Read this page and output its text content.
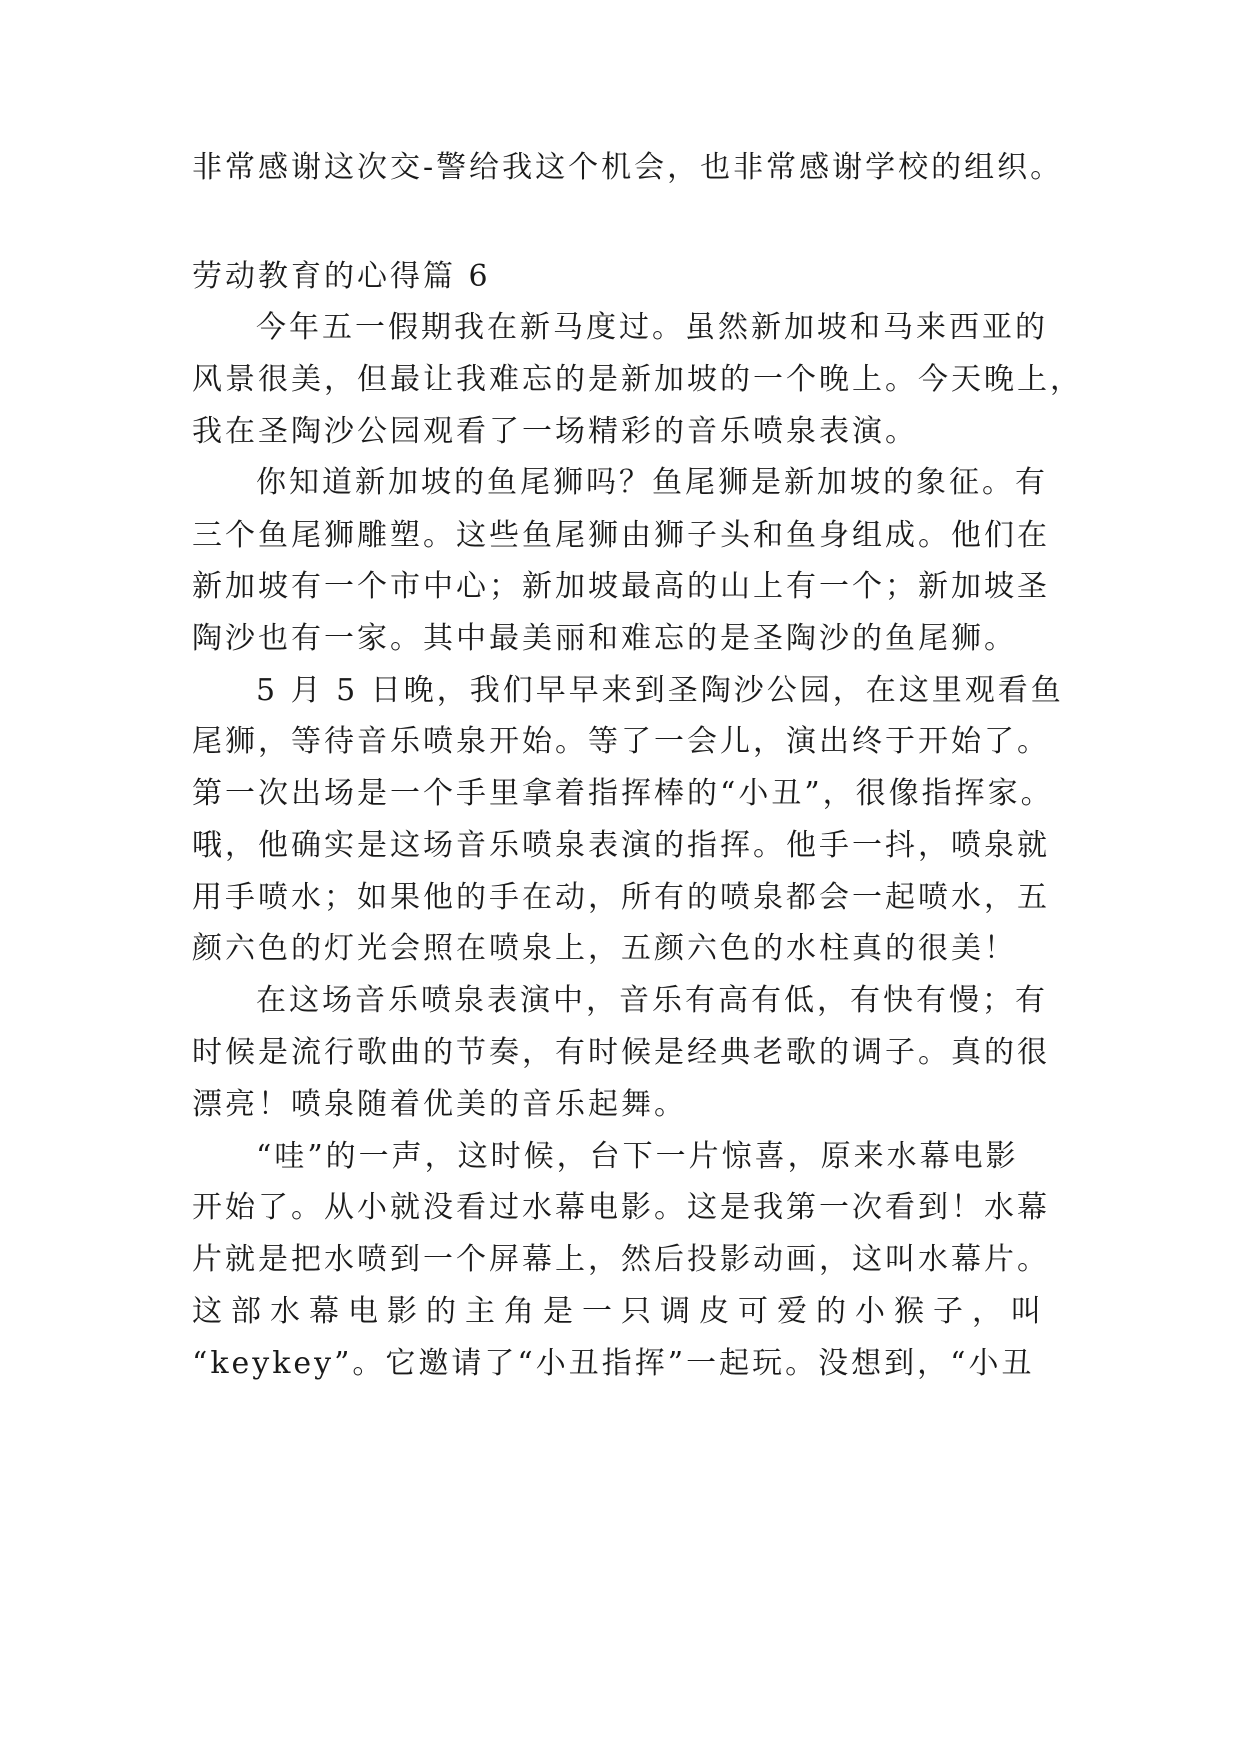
非常感谢这次交-警给我这个机会，也非常感谢学校的组织。
劳动教育的心得篇 6
今年五一假期我在新马度过。虽然新加坡和马来西亚的
风景很美，但最让我难忘的是新加坡的一个晚上。今天晚上，
我在圣陶沙公园观看了一场精彩的音乐喷泉表演。
你知道新加坡的鱼尾狮吗？鱼尾狮是新加坡的象征。有
三个鱼尾狮雕塑。这些鱼尾狮由狮子头和鱼身组成。他们在
新加坡有一个市中心；新加坡最高的山上有一个；新加坡圣
陶沙也有一家。其中最美丽和难忘的是圣陶沙的鱼尾狮。
5 月 5 日晚，我们早早来到圣陶沙公园，在这里观看鱼
尾狮，等待音乐喷泉开始。等了一会儿，演出终于开始了。
第一次出场是一个手里拿着指挥棒的“小丑”，很像指挥家。
哦，他确实是这场音乐喷泉表演的指挥。他手一抖，喷泉就
用手喷水；如果他的手在动，所有的喷泉都会一起喷水，五
颜六色的灯光会照在喷泉上，五颜六色的水柱真的很美！
在这场音乐喷泉表演中，音乐有高有低，有快有慢；有
时候是流行歌曲的节奏，有时候是经典老歌的调子。真的很
漂亮！喷泉随着优美的音乐起舞。
“哇”的一声，这时候，台下一片惊喜，原来水幕电影
开始了。从小就没看过水幕电影。这是我第一次看到！水幕
片就是把水喷到一个屏幕上，然后投影动画，这叫水幕片。
这部水幕电影的主角是一只调皮可爱的小猴子，叫
“keykey”。它邀请了“小丑指挥”一起玩。没想到，“小丑
